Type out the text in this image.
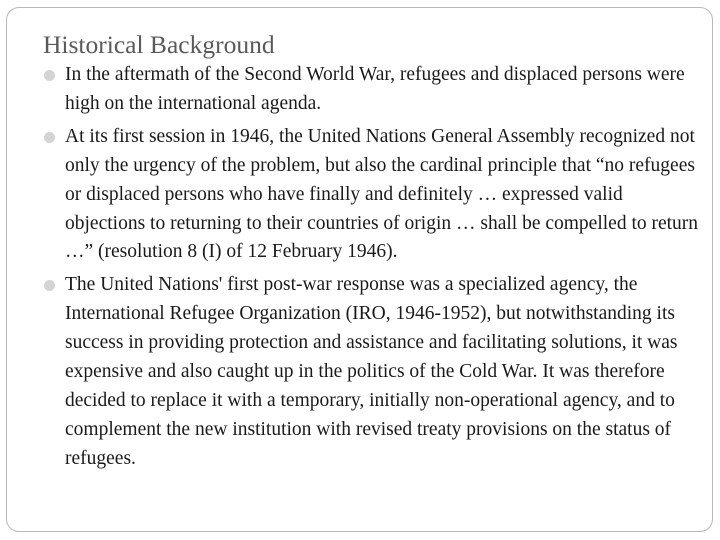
Historical Background
In the aftermath of the Second World War, refugees and displaced persons were high on the international agenda.
At its first session in 1946, the United Nations General Assembly recognized not only the urgency of the problem, but also the cardinal principle that “no refugees or displaced persons who have finally and definitely … expressed valid objections to returning to their countries of origin … shall be compelled to return …” (resolution 8 (I) of 12 February 1946).
The United Nations' first post-war response was a specialized agency, the International Refugee Organization (IRO, 1946-1952), but notwithstanding its success in providing protection and assistance and facilitating solutions, it was expensive and also caught up in the politics of the Cold War. It was therefore decided to replace it with a temporary, initially non-operational agency, and to complement the new institution with revised treaty provisions on the status of refugees.
